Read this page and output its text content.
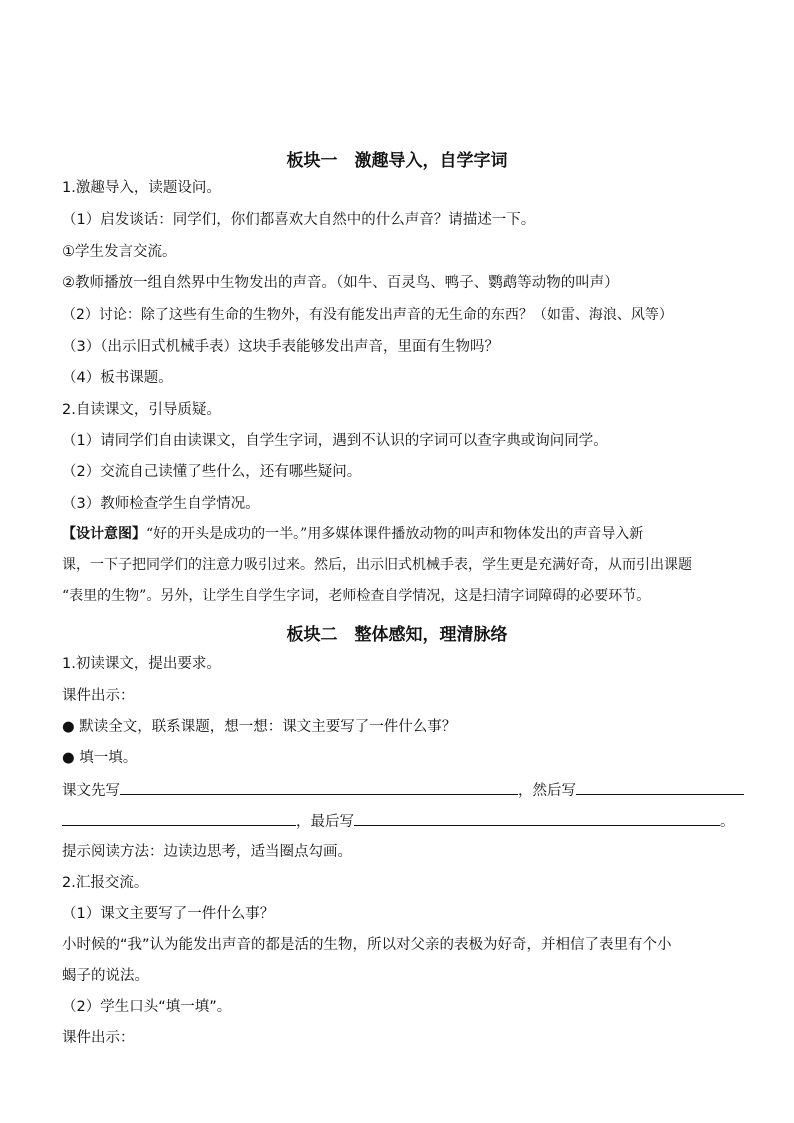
板块一　激趣导入，自学字词
1.激趣导入，读题设问。
（1）启发谈话：同学们，你们都喜欢大自然中的什么声音？请描述一下。
①学生发言交流。
②教师播放一组自然界中生物发出的声音。（如牛、百灵鸟、鸭子、鹦鹉等动物的叫声）
（2）讨论：除了这些有生命的生物外，有没有能发出声音的无生命的东西？（如雷、海浪、风等）
（3）（出示旧式机械手表）这块手表能够发出声音，里面有生物吗？
（4）板书课题。
2.自读课文，引导质疑。
（1）请同学们自由读课文，自学生字词，遇到不认识的字词可以查字典或询问同学。
（2）交流自己读懂了些什么，还有哪些疑问。
（3）教师检查学生自学情况。
【设计意图】“好的开头是成功的一半。”用多媒体课件播放动物的叫声和物体发出的声音导入新
课，一下子把同学们的注意力吸引过来。然后，出示旧式机械手表，学生更是充满好奇，从而引出课题
“表里的生物”。另外，让学生自学生字词，老师检查自学情况，这是扫清字词障碍的必要环节。
板块二　整体感知，理清脉络
1.初读课文，提出要求。
课件出示：
● 默读全文，联系课题，想一想：课文主要写了一件什么事？
● 填一填。
课文先写	，然后写
，最后写	。
提示阅读方法：边读边思考，适当圈点勾画。
2.汇报交流。
（1）课文主要写了一件什么事？
小时候的“我”认为能发出声音的都是活的生物，所以对父亲的表极为好奇，并相信了表里有个小
蝎子的说法。
（2）学生口头“填一填”。
课件出示：
